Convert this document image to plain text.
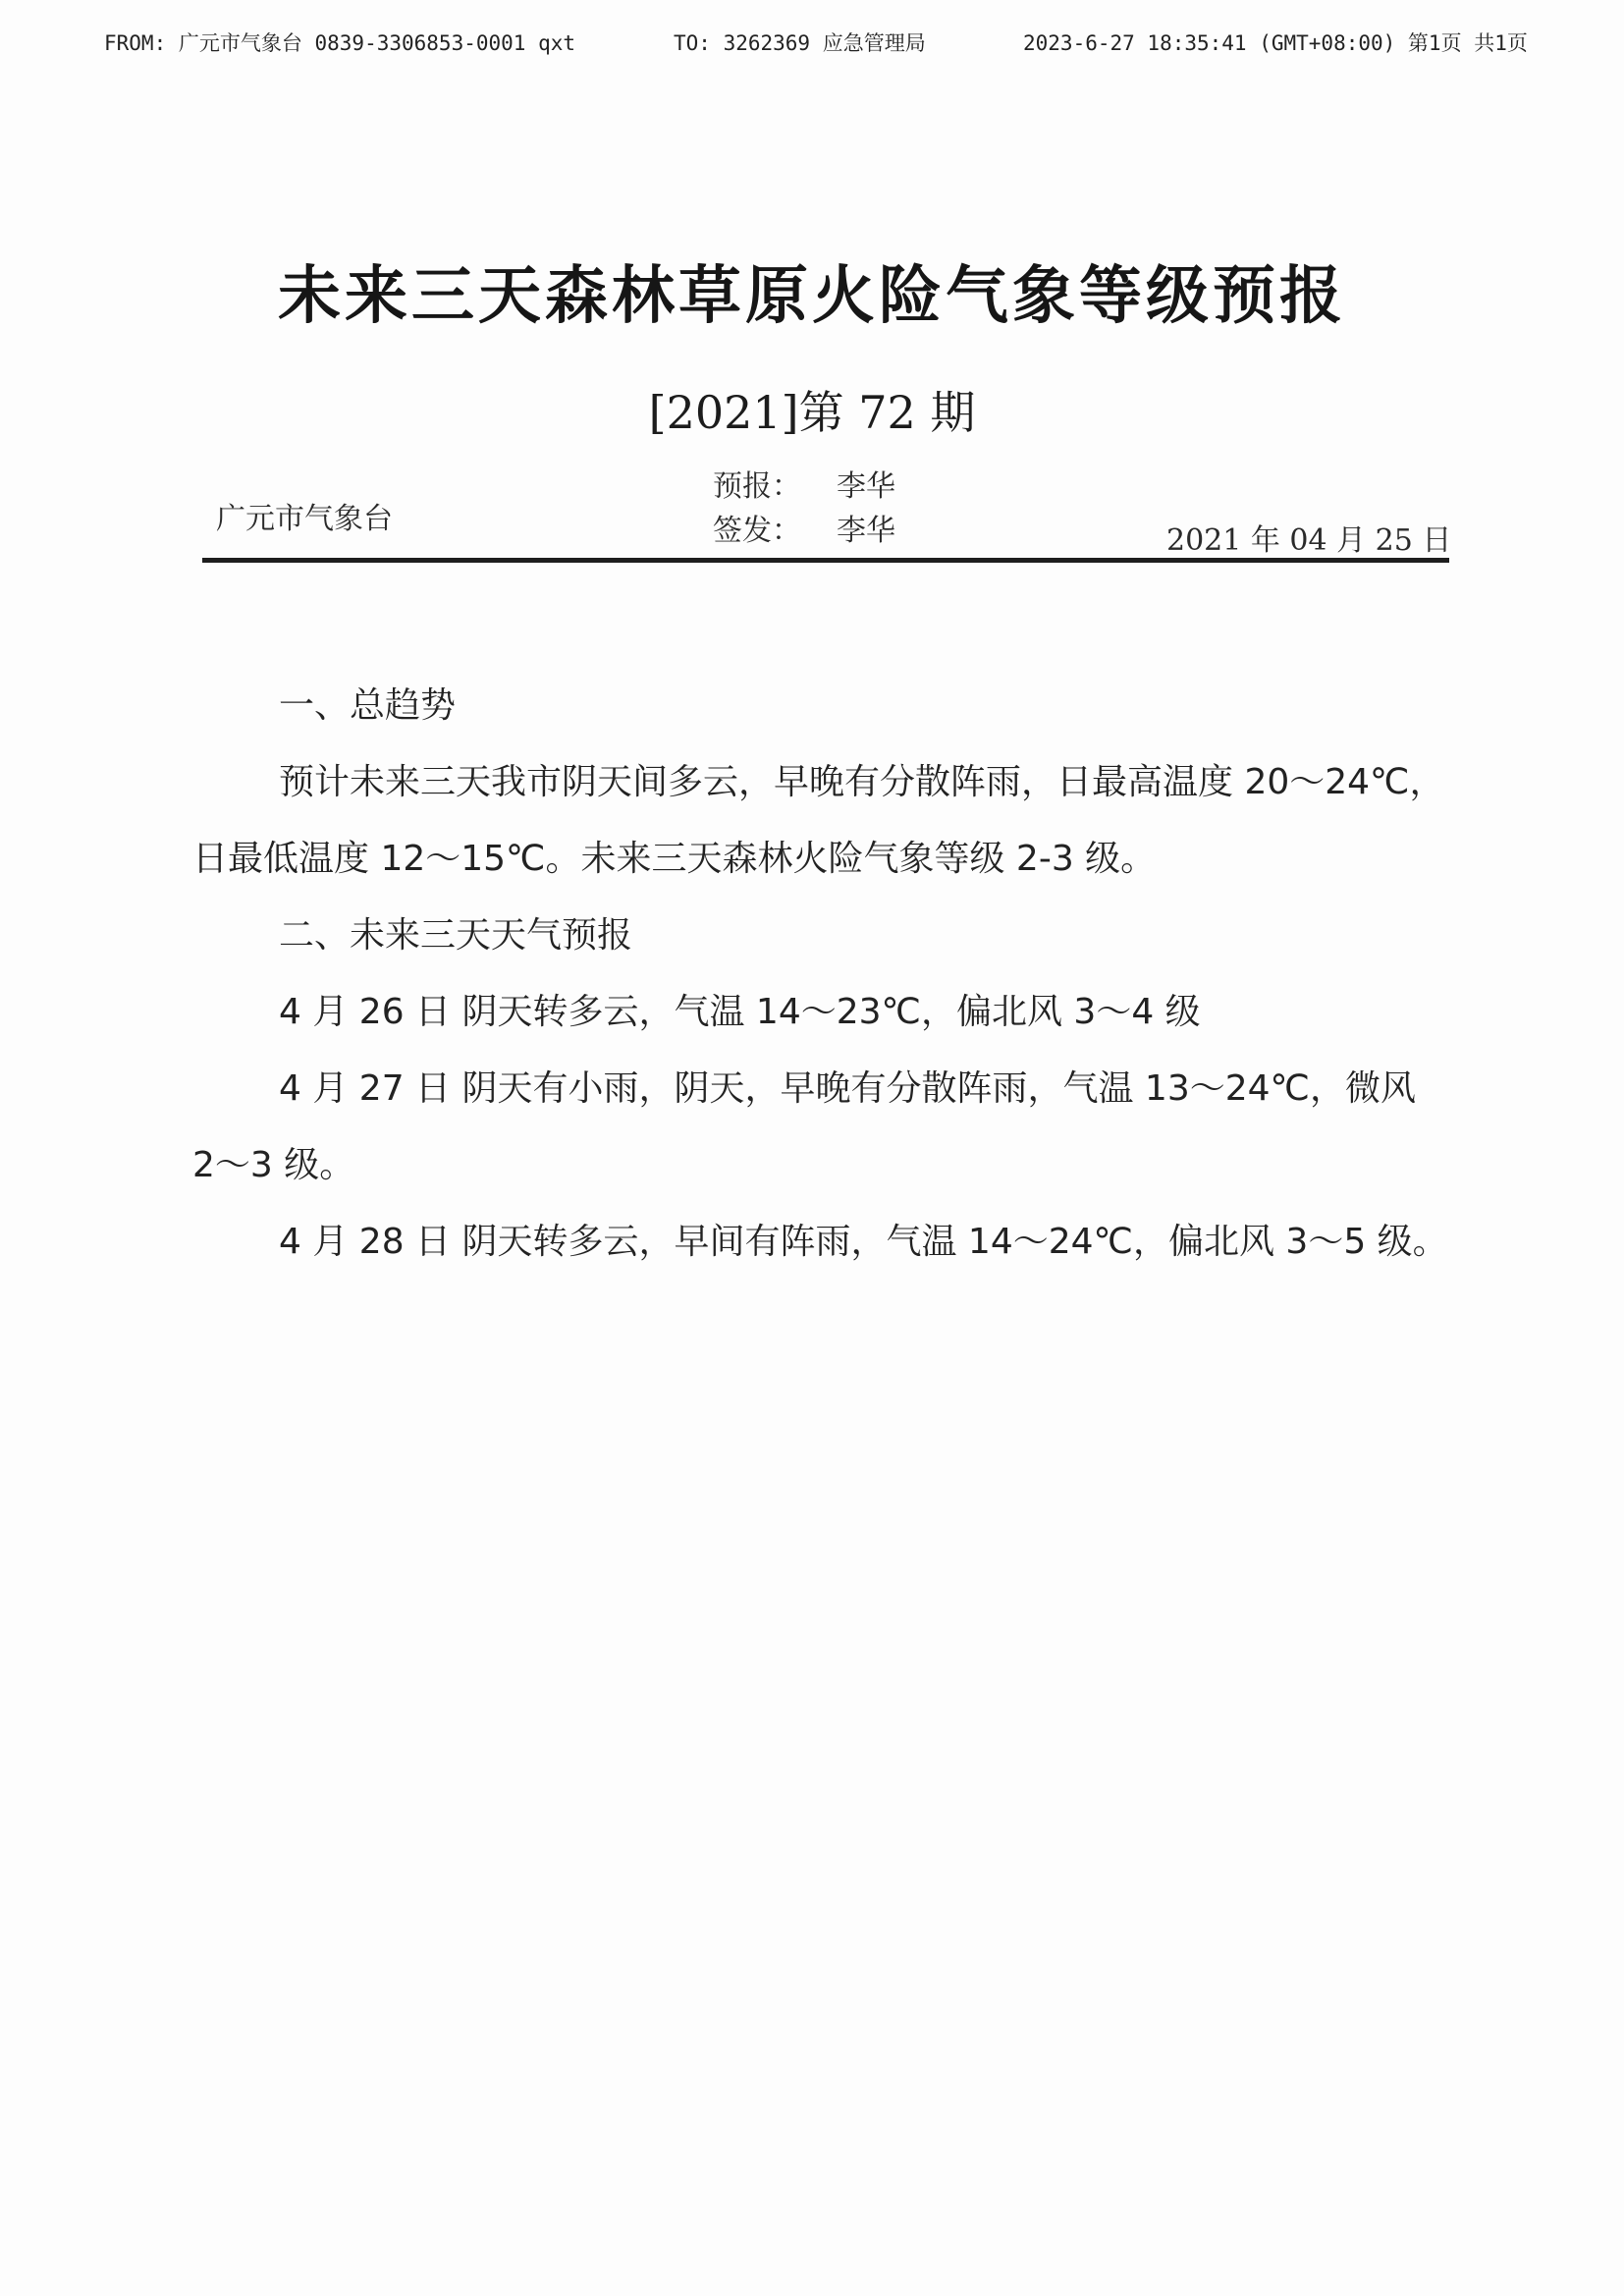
FROM: 广元市气象台 0839-3306853-0001 qxt	TO: 3262369 应急管理局	2023-6-27 18:35:41 (GMT+08:00) 第1页 共1页
未来三天森林草原火险气象等级预报
[2021]第 72 期
预报： 李华
签发： 李华
广元市气象台
2021 年 04 月 25 日

一、总趋势

预计未来三天我市阴天间多云，早晚有分散阵雨，日最高温度 20～24℃，日最低温度 12～15℃。未来三天森林火险气象等级 2-3 级。

二、未来三天天气预报

4 月 26 日 阴天转多云，气温 14～23℃，偏北风 3～4 级

4 月 27 日 阴天有小雨，阴天，早晚有分散阵雨，气温 13～24℃，微风 2～3 级。

4 月 28 日 阴天转多云，早间有阵雨，气温 14～24℃，偏北风 3～5 级。
